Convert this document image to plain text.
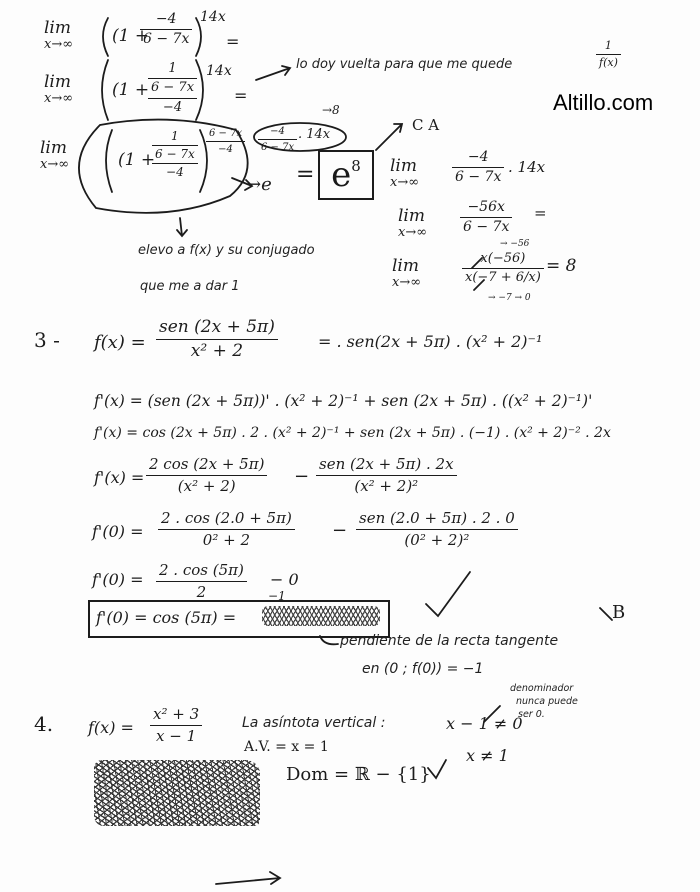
Altillo.com
lim
x→∞ (1 +
−4
6 − 7x
14x
=
lim
x→∞ (1 +
1
6 − 7x
−4
14x
=
lo doy vuelta para que me quede
1
f(x)
lim
x→∞	(1 +
1
6 − 7x
−4
6 − 7x
−4
−4
6 − 7x
. 14x
→8
$\to e = e^8$
C A
lim
x→∞
−4
6 − 7x
. 14x
lim
x→∞
−56x
6 − 7x
=
lim
x→∞
→ −56
x(−56)
x(−7 + 6/x)
→ −7 → 0
= 8
elevo a f(x) y su conjugado
que me a dar 1
3 - f(x) =
sen (2x + 5π)
x² + 2	= . sen(2x + 5π) . (x² + 2)⁻¹
f'(x) = (sen (2x + 5π))' . (x² + 2)⁻¹ + sen (2x + 5π) . ((x² + 2)⁻¹)'
f'(x) = cos (2x + 5π) . 2 . (x² + 2)⁻¹ + sen (2x + 5π) . (−1) . (x² + 2)⁻² . 2x
f'(x) =
2 cos (2x + 5π)
(x² + 2)	−
sen (2x + 5π) . 2x
(x² + 2)²
f'(0) =
2 . cos (2.0 + 5π)
0² + 2	−
sen (2.0 + 5π) . 2 . 0
(0² + 2)²
f'(0) = 2 . cos (5π)
2
− 0
f'(0) = cos (5π) =
−1
B
pendiente de la recta tangente
en (0 ; f(0)) = −1
4. f(x) =
x² + 3
x − 1
La asíntota vertical :
A.V. = x = 1
x − 1 ≠ 0
denominador
nunca puede
ser 0.
x ≠ 1
Dom = ℝ − {1}
